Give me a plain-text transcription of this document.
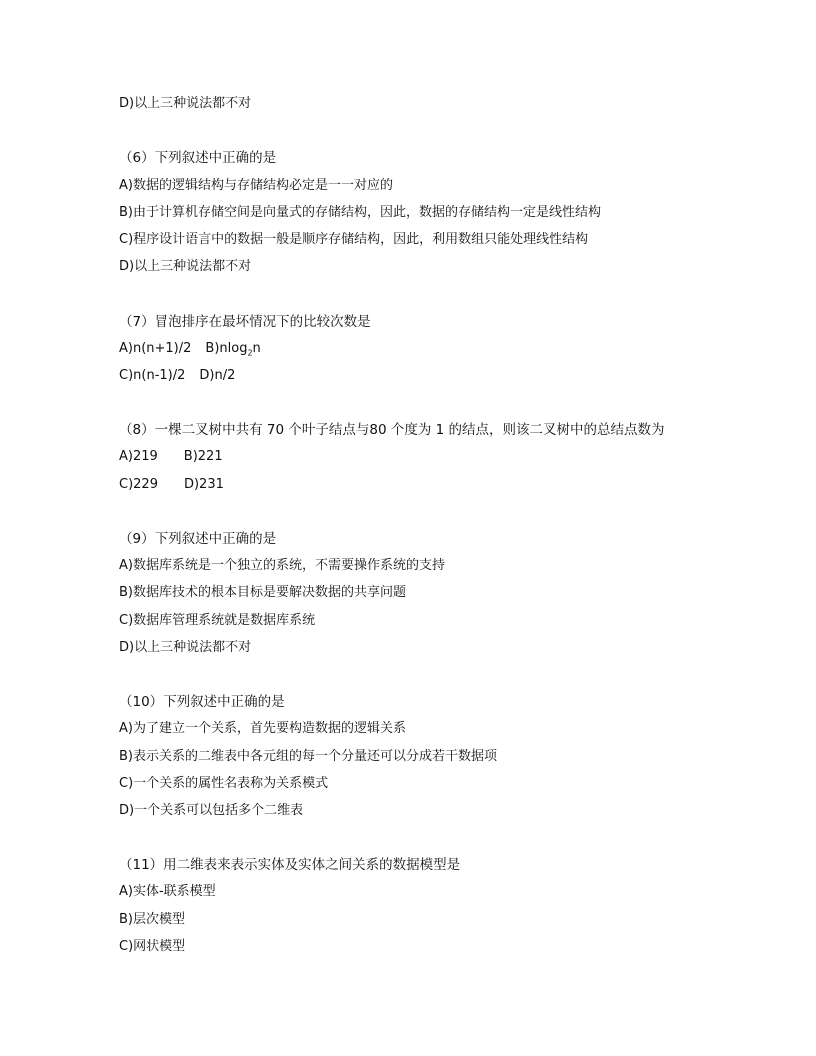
D)以上三种说法都不对
（6）下列叙述中正确的是
A)数据的逻辑结构与存储结构必定是一一对应的
B)由于计算机存储空间是向量式的存储结构，因此，数据的存储结构一定是线性结构
C)程序设计语言中的数据一般是顺序存储结构，因此，利用数组只能处理线性结构
D)以上三种说法都不对
（7）冒泡排序在最坏情况下的比较次数是
A)n(n+1)/2 B)nlog$_2$n
C)n(n-1)/2 D)n/2
（8）一棵二叉树中共有 70 个叶子结点与80 个度为 1 的结点，则该二叉树中的总结点数为
A)219 B)221
C)229 D)231
（9）下列叙述中正确的是
A)数据库系统是一个独立的系统，不需要操作系统的支持
B)数据库技术的根本目标是要解决数据的共享问题
C)数据库管理系统就是数据库系统
D)以上三种说法都不对
（10）下列叙述中正确的是
A)为了建立一个关系，首先要构造数据的逻辑关系
B)表示关系的二维表中各元组的每一个分量还可以分成若干数据项
C)一个关系的属性名表称为关系模式
D)一个关系可以包括多个二维表
（11）用二维表来表示实体及实体之间关系的数据模型是
A)实体-联系模型
B)层次模型
C)网状模型
